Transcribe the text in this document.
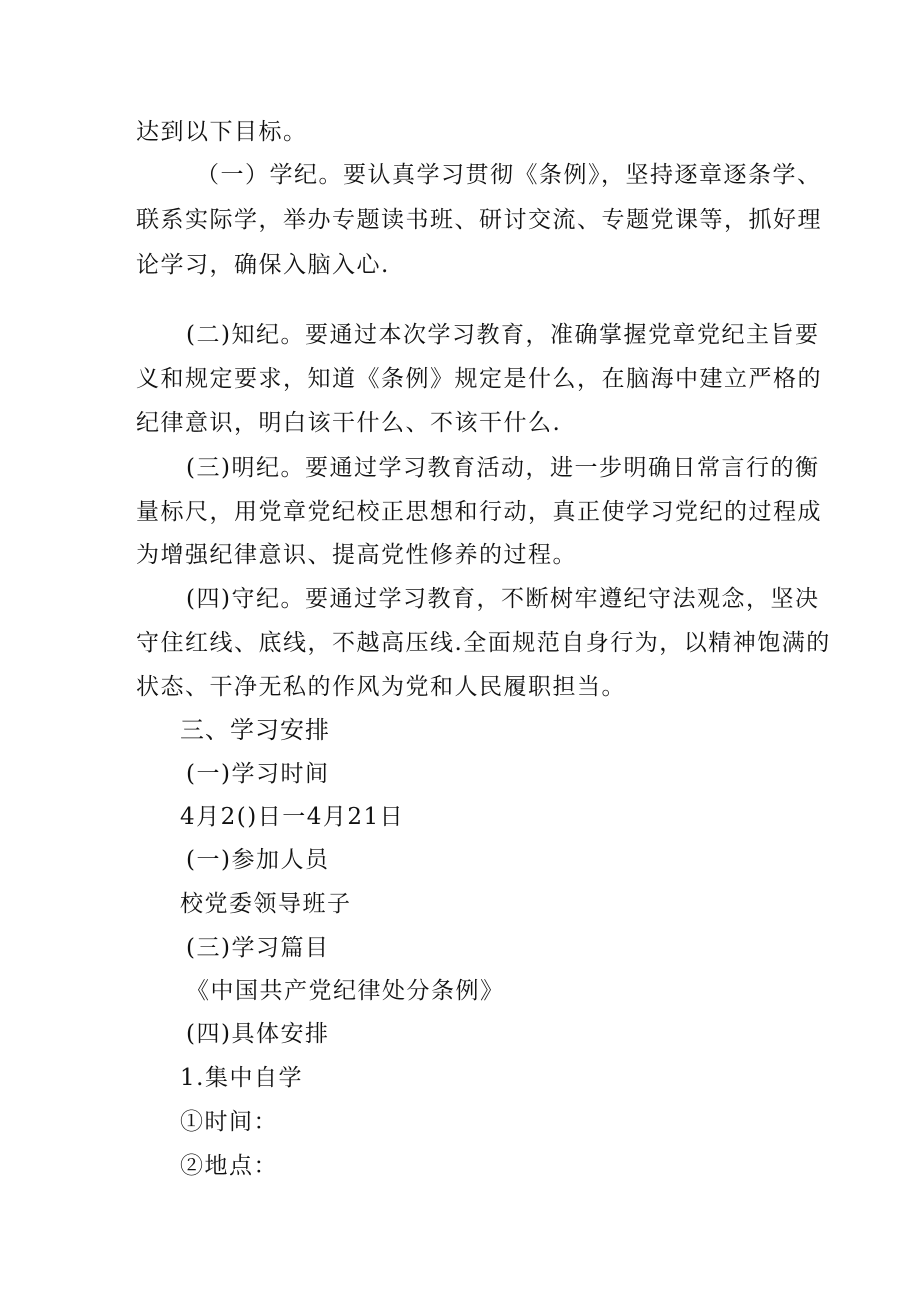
达到以下目标。
（一）学纪。要认真学习贯彻《条例》，坚持逐章逐条学、
联系实际学，举办专题读书班、研讨交流、专题党课等，抓好理
论学习，确保入脑入心.
(二)知纪。要通过本次学习教育，准确掌握党章党纪主旨要
义和规定要求，知道《条例》规定是什么，在脑海中建立严格的
纪律意识，明白该干什么、不该干什么.
(三)明纪。要通过学习教育活动，进一步明确日常言行的衡
量标尺，用党章党纪校正思想和行动，真正使学习党纪的过程成
为增强纪律意识、提高党性修养的过程。
(四)守纪。要通过学习教育，不断树牢遵纪守法观念，坚决
守住红线、底线，不越高压线.全面规范自身行为，以精神饱满的
状态、干净无私的作风为党和人民履职担当。
三、学习安排
(一)学习时间
4月2()日一4月21日
(一)参加人员
校党委领导班子
(三)学习篇目
《中国共产党纪律处分条例》
(四)具体安排
1.集中自学
①时间：
②地点：
